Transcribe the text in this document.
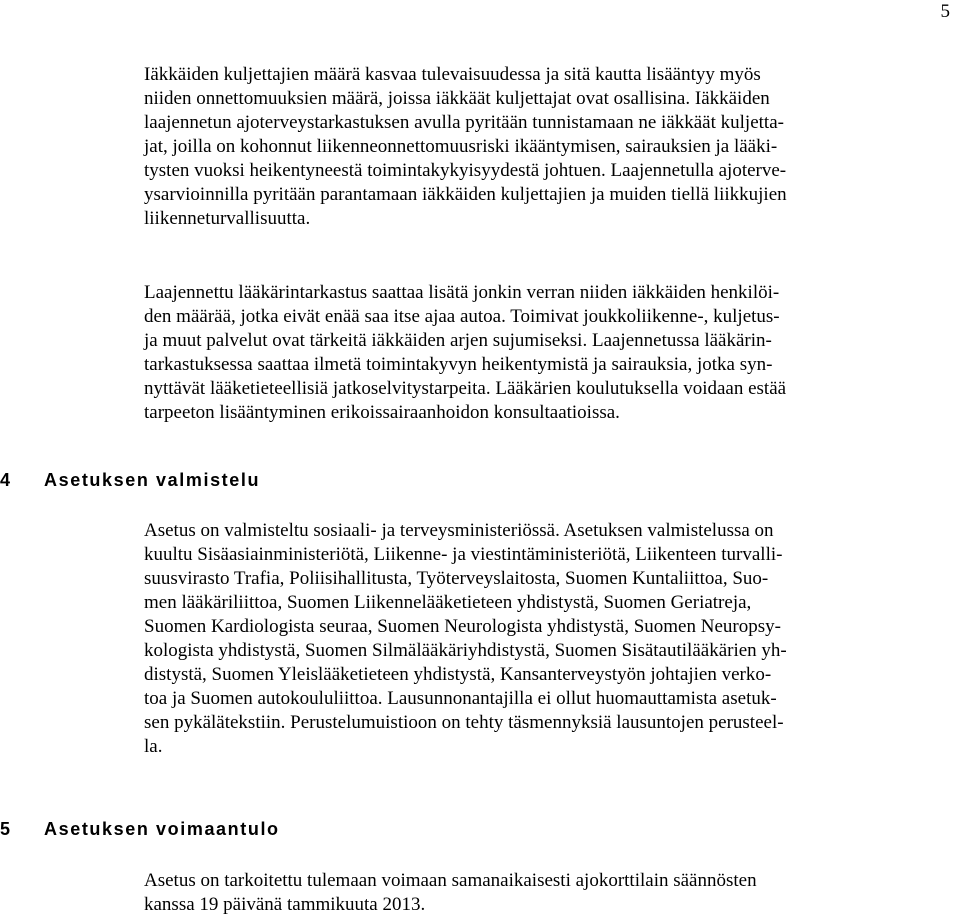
5

Iäkkäiden kuljettajien määrä kasvaa tulevaisuudessa ja sitä kautta lisääntyy myös
niiden onnettomuuksien määrä, joissa iäkkäät kuljettajat ovat osallisina. Iäkkäiden
laajennetun ajoterveystarkastuksen avulla pyritään tunnistamaan ne iäkkäät kuljetta-
jat, joilla on kohonnut liikenneonnettomuusriski ikääntymisen, sairauksien ja lääki-
tysten vuoksi heikentyneestä toimintakykyisyydestä johtuen. Laajennetulla ajoterve-
ysarvioinnilla pyritään parantamaan iäkkäiden kuljettajien ja muiden tiellä liikkujien
liikenneturvallisuutta.

Laajennettu lääkärintarkastus saattaa lisätä jonkin verran niiden iäkkäiden henkilöi-
den määrää, jotka eivät enää saa itse ajaa autoa. Toimivat joukkoliikenne-, kuljetus-
ja muut palvelut ovat tärkeitä iäkkäiden arjen sujumiseksi. Laajennetussa lääkärin-
tarkastuksessa saattaa ilmetä toimintakyvyn heikentymistä ja sairauksia, jotka syn-
nyttävät lääketieteellisiä jatkoselvitystarpeita. Lääkärien koulutuksella voidaan estää
tarpeeton lisääntyminen erikoissairaanhoidon konsultaatioissa.

4 Asetuksen valmistelu

Asetus on valmisteltu sosiaali- ja terveysministeriössä. Asetuksen valmistelussa on
kuultu Sisäasiainministeriötä, Liikenne- ja viestintäministeriötä, Liikenteen turvalli-
suusvirasto Trafia, Poliisihallitusta, Työterveyslaitosta, Suomen Kuntaliittoa, Suo-
men lääkäriliittoa, Suomen Liikennelääketieteen yhdistystä, Suomen Geriatreja,
Suomen Kardiologista seuraa, Suomen Neurologista yhdistystä, Suomen Neuropsy-
kologista yhdistystä, Suomen Silmälääkäriyhdistystä, Suomen Sisätautilääkärien yh-
distystä, Suomen Yleislääketieteen yhdistystä, Kansanterveystyön johtajien verko-
toa ja Suomen autokoululiittoa. Lausunnonantajilla ei ollut huomauttamista asetuk-
sen pykälätekstiin. Perustelumuistioon on tehty täsmennyksiä lausuntojen perusteel-
la.

5 Asetuksen voimaantulo

Asetus on tarkoitettu tulemaan voimaan samanaikaisesti ajokorttilain säännösten
kanssa 19 päivänä tammikuuta 2013.
